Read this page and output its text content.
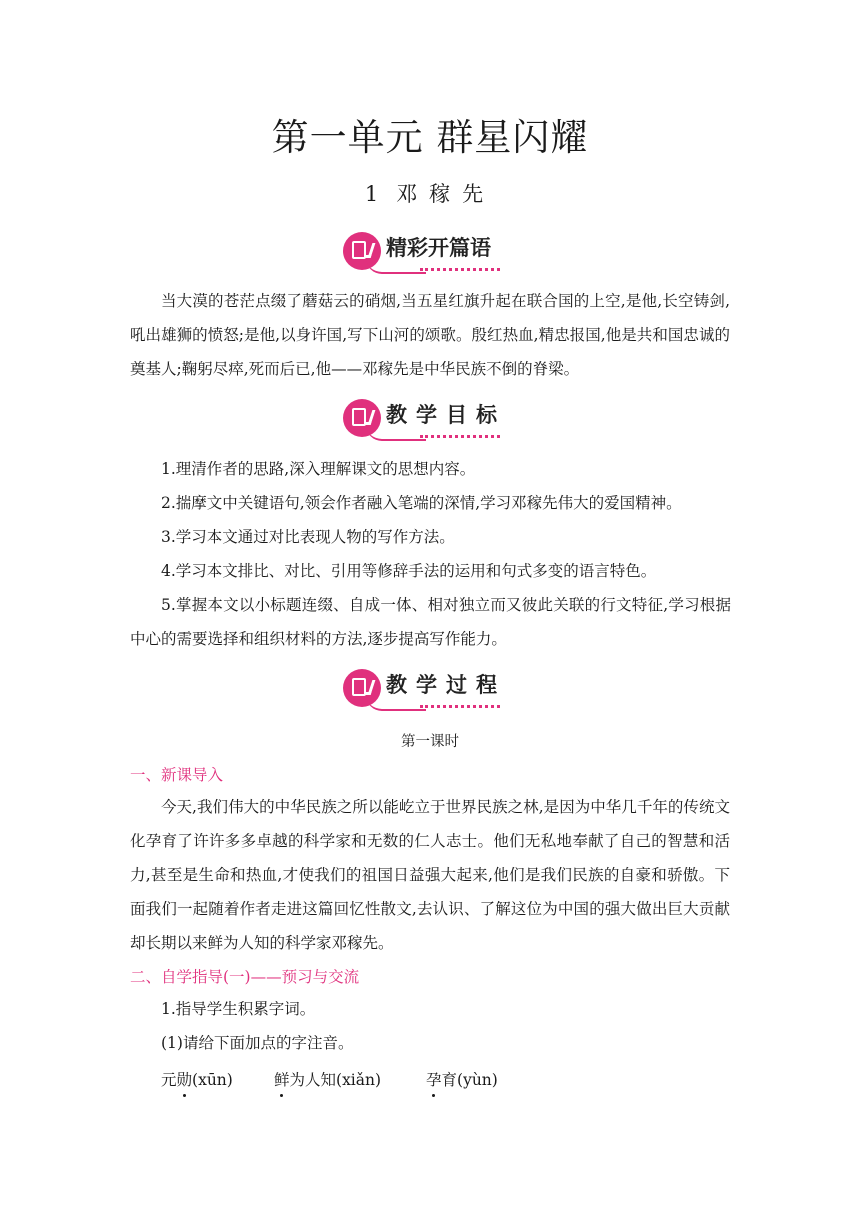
第一单元 群星闪耀
1 邓稼先
精彩开篇语

当大漠的苍茫点缀了蘑菇云的硝烟,当五星红旗升起在联合国的上空,是他,长空铸剑,吼出雄狮的愤怒;是他,以身许国,写下山河的颂歌。殷红热血,精忠报国,他是共和国忠诚的奠基人;鞠躬尽瘁,死而后已,他——邓稼先是中华民族不倒的脊梁。

教学目标

1.理清作者的思路,深入理解课文的思想内容。

2.揣摩文中关键语句,领会作者融入笔端的深情,学习邓稼先伟大的爱国精神。

3.学习本文通过对比表现人物的写作方法。

4.学习本文排比、对比、引用等修辞手法的运用和句式多变的语言特色。

5.掌握本文以小标题连缀、自成一体、相对独立而又彼此关联的行文特征,学习根据中心的需要选择和组织材料的方法,逐步提高写作能力。

教学过程
第一课时
一、新课导入

今天,我们伟大的中华民族之所以能屹立于世界民族之林,是因为中华几千年的传统文化孕育了许许多多卓越的科学家和无数的仁人志士。他们无私地奉献了自己的智慧和活力,甚至是生命和热血,才使我们的祖国日益强大起来,他们是我们民族的自豪和骄傲。下面我们一起随着作者走进这篇回忆性散文,去认识、了解这位为中国的强大做出巨大贡献却长期以来鲜为人知的科学家邓稼先。

二、自学指导(一)——预习与交流

1.指导学生积累字词。

(1)请给下面加点的字注音。

元勋(xūn)	鲜为人知(xiǎn)	孕育(yùn)
